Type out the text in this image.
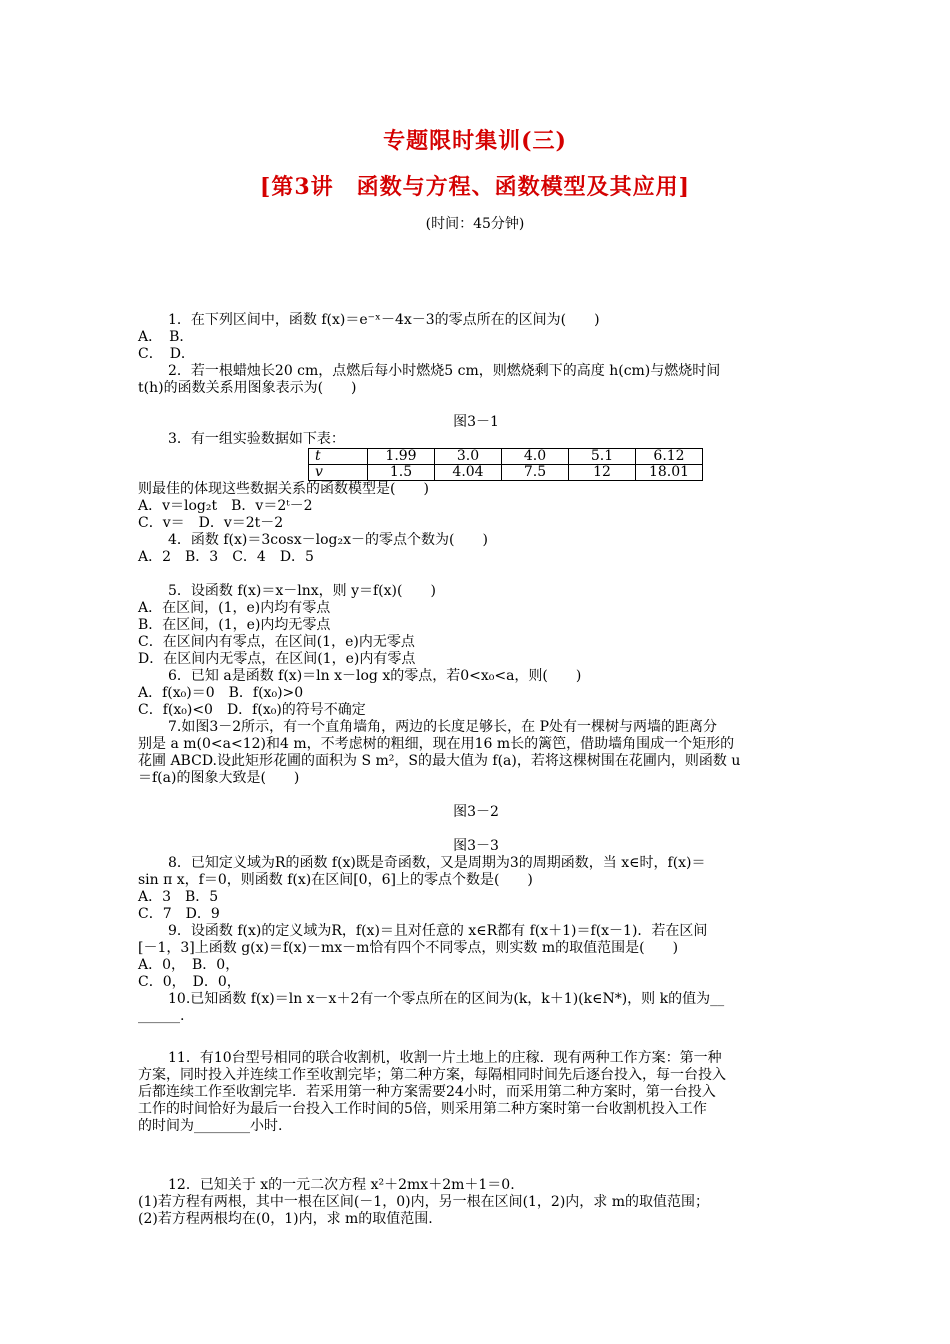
专题限时集训(三)
[第3讲　函数与方程、函数模型及其应用]
(时间：45分钟)

1．在下列区间中，函数 f(x)＝e⁻ˣ－4x－3的零点所在的区间为(　　)

A．　B．

C．　D．

2．若一根蜡烛长20 cm，点燃后每小时燃烧5 cm，则燃烧剩下的高度 h(cm)与燃烧时间

t(h)的函数关系用图象表示为(　　)

图3－1

3．有一组实验数据如下表：

t	1.99	3.0	4.0	5.1	6.12
v	1.5	4.04	7.5	12	18.01

则最佳的体现这些数据关系的函数模型是(　　)

A．v＝log₂t　B．v＝2ᵗ－2

C．v＝　D．v＝2t－2

4．函数 f(x)＝3cosx－log₂x－的零点个数为(　　)

A．2　B．3　C．4　D．5

5．设函数 f(x)＝x－lnx，则 y＝f(x)(　　)

A．在区间，(1，e)内均有零点

B．在区间，(1，e)内均无零点

C．在区间内有零点，在区间(1，e)内无零点

D．在区间内无零点，在区间(1，e)内有零点

6．已知 a是函数 f(x)＝ln x－log x的零点，若0<x₀<a，则(　　)

A．f(x₀)＝0　B．f(x₀)>0

C．f(x₀)<0　D．f(x₀)的符号不确定

7.如图3－2所示，有一个直角墙角，两边的长度足够长，在 P处有一棵树与两墙的距离分

别是 a m(0<a<12)和4 m，不考虑树的粗细，现在用16 m长的篱笆，借助墙角围成一个矩形的

花圃 ABCD.设此矩形花圃的面积为 S m²，S的最大值为 f(a)，若将这棵树围在花圃内，则函数 u

＝f(a)的图象大致是(　　)

图3－2

图3－3

8．已知定义域为R的函数 f(x)既是奇函数，又是周期为3的周期函数，当 x∈时，f(x)＝

sin π x，f＝0，则函数 f(x)在区间[0，6]上的零点个数是(　　)

A．3　B．5

C．7　D．9

9．设函数 f(x)的定义域为R，f(x)＝且对任意的 x∈R都有 f(x＋1)＝f(x－1)．若在区间

[－1，3]上函数 g(x)＝f(x)－mx－m恰有四个不同零点，则实数 m的取值范围是(　　)

A．0，　B．0，

C．0，　D．0，

10.已知函数 f(x)＝ln x－x＋2有一个零点所在的区间为(k，k＋1)(k∈N*)，则 k的值为__

______.

11．有10台型号相同的联合收割机，收割一片土地上的庄稼．现有两种工作方案：第一种

方案，同时投入并连续工作至收割完毕；第二种方案，每隔相同时间先后逐台投入，每一台投入

后都连续工作至收割完毕．若采用第一种方案需要24小时，而采用第二种方案时，第一台投入

工作的时间恰好为最后一台投入工作时间的5倍，则采用第二种方案时第一台收割机投入工作

的时间为________小时.

12．已知关于 x的一元二次方程 x²＋2mx＋2m＋1＝0.

(1)若方程有两根，其中一根在区间(－1，0)内，另一根在区间(1，2)内，求 m的取值范围；

(2)若方程两根均在(0，1)内，求 m的取值范围.
